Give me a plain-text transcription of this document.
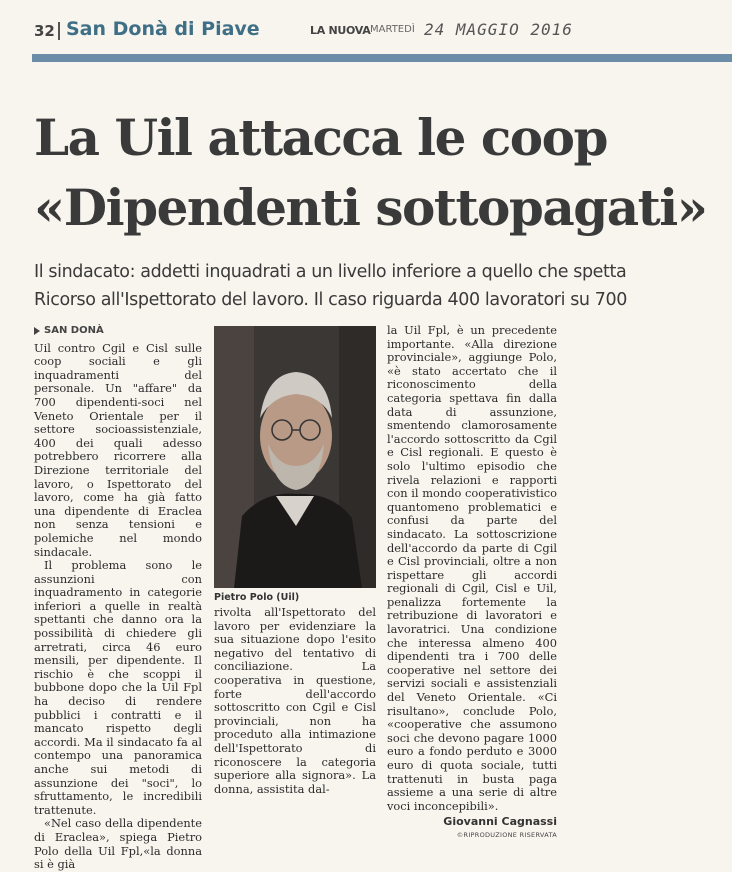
32 San Donà di Piave	LA NUOVA MARTEDÌ 24 MAGGIO 2016
La Uil attacca le coop
«Dipendenti sottopagati»
Il sindacato: addetti inquadrati a un livello inferiore a quello che spetta
Ricorso all'Ispettorato del lavoro. Il caso riguarda 400 lavoratori su 700
SAN DONÀ

Uil contro Cgil e Cisl sulle coop sociali e gli inquadramenti del personale. Un "affare" da 700 dipendenti-soci nel Veneto Orientale per il settore socioassistenziale, 400 dei quali adesso potrebbero ricorrere alla Direzione territoriale del lavoro, o Ispettorato del lavoro, come ha già fatto una dipendente di Eraclea non senza tensioni e polemiche nel mondo sindacale.

Il problema sono le assunzioni con inquadramento in categorie inferiori a quelle in realtà spettanti che danno ora la possibilità di chiedere gli arretrati, circa 46 euro mensili, per dipendente. Il rischio è che scoppi il bubbone dopo che la Uil Fpl ha deciso di rendere pubblici i contratti e il mancato rispetto degli accordi. Ma il sindacato fa al contempo una panoramica anche sui metodi di assunzione dei "soci", lo sfruttamento, le incredibili trattenute.

«Nel caso della dipendente di Eraclea», spiega Pietro Polo della Uil Fpl,«la donna si è già

Pietro Polo (Uil)

rivolta all'Ispettorato del lavoro per evidenziare la sua situazione dopo l'esito negativo del tentativo di conciliazione. La cooperativa in questione, forte dell'accordo sottoscritto con Cgil e Cisl provinciali, non ha proceduto alla intimazione dell'Ispettorato di riconoscere la categoria superiore alla signora». La donna, assistita dal-

la Uil Fpl, è un precedente importante. «Alla direzione provinciale», aggiunge Polo, «è stato accertato che il riconoscimento della categoria spettava fin dalla data di assunzione, smentendo clamorosamente l'accordo sottoscritto da Cgil e Cisl regionali. E questo è solo l'ultimo episodio che rivela relazioni e rapporti con il mondo cooperativistico quantomeno problematici e confusi da parte del sindacato. La sottoscrizione dell'accordo da parte di Cgil e Cisl provinciali, oltre a non rispettare gli accordi regionali di Cgil, Cisl e Uil, penalizza fortemente la retribuzione di lavoratori e lavoratrici. Una condizione che interessa almeno 400 dipendenti tra i 700 delle cooperative nel settore dei servizi sociali e assistenziali del Veneto Orientale. «Ci risultano», conclude Polo, «cooperative che assumono soci che devono pagare 1000 euro a fondo perduto e 3000 euro di quota sociale, tutti trattenuti in busta paga assieme a una serie di altre voci inconcepibili».

Giovanni Cagnassi
©RIPRODUZIONE RISERVATA
